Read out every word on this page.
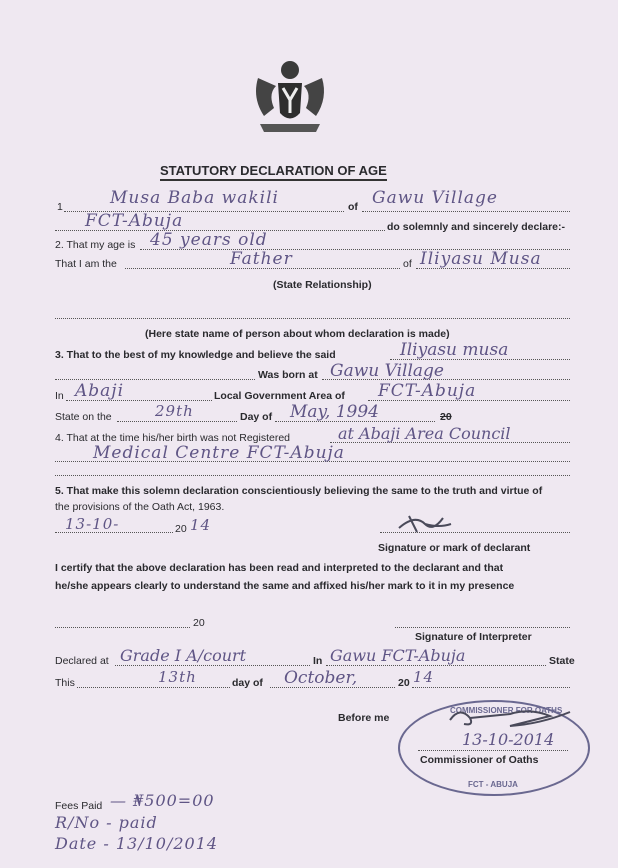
STATUTORY DECLARATION OF AGE
1	Musa Baba wakili	of Gawu Village
FCT-Abuja	do solemnly and sincerely declare:-
2. That my age is 45 years old
That I am the	Father	of Iliyasu Musa
(State Relationship)
(Here state name of person about whom declaration is made)
3. That to the best of my knowledge and believe the said	Iliyasu musa
Was born at Gawu Village
In Abaji	Local Government Area of FCT-Abuja
State on the	29th	Day of May, 1994	20
4. That at the time his/her birth was not Registered	at Abaji Area Council
Medical Centre FCT-Abuja
5. That make this solemn declaration conscientiously believing the same to the truth and virtue of
the provisions of the Oath Act, 1963.
13-10-	20 14
Signature or mark of declarant
I certify that the above declaration has been read and interpreted to the declarant and that
he/she appears clearly to understand the same and affixed his/her mark to it in my presence
20
Signature of Interpreter
Declared at Grade I A/court	In Gawu FCT-Abuja	State
This	13th	day of October,	20 14
COMMISSIONER FOR OATHS
FCT - ABUJA
Before me
13-10-2014
Commissioner of Oaths
Fees Paid — ₦500=00
R/No - paid
Date - 13/10/2014
